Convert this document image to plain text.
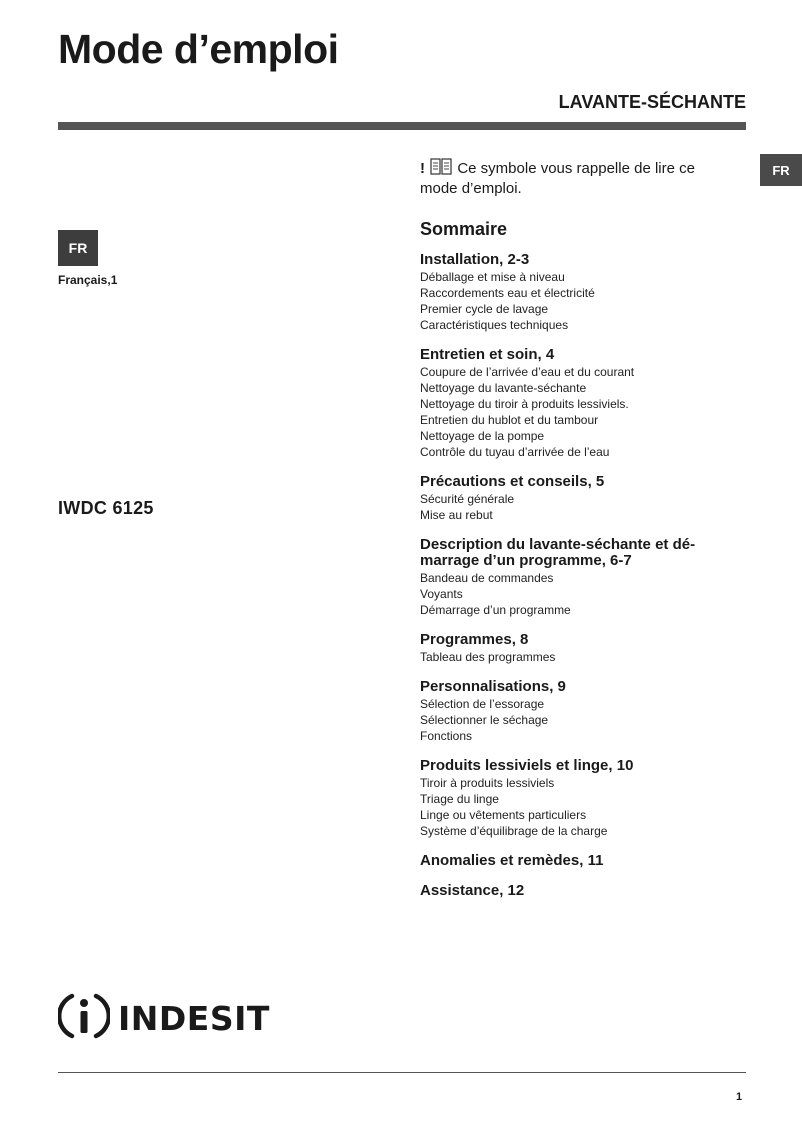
Mode d’emploi
LAVANTE-SÉCHANTE
FR
FR
Français,1
IWDC 6125
! Ce symbole vous rappelle de lire ce mode d’emploi.
Sommaire
Installation, 2-3
Déballage et mise à niveau
Raccordements eau et électricité
Premier cycle de lavage
Caractéristiques techniques
Entretien et soin, 4
Coupure de l’arrivée d’eau et du courant
Nettoyage du lavante-séchante
Nettoyage du tiroir à produits lessiviels.
Entretien du hublot et du tambour
Nettoyage de la pompe
Contrôle du tuyau d’arrivée de l’eau
Précautions et conseils, 5
Sécurité générale
Mise au rebut
Description du lavante-séchante et dé-marrage d’un programme, 6-7
Bandeau de commandes
Voyants
Démarrage d’un programme
Programmes, 8
Tableau des programmes
Personnalisations, 9
Sélection de l’essorage
Sélectionner le séchage
Fonctions
Produits lessiviels et linge, 10
Tiroir à produits lessiviels
Triage du linge
Linge ou vêtements particuliers
Système d’équilibrage de la charge
Anomalies et remèdes, 11
Assistance, 12
INDESIT
1
